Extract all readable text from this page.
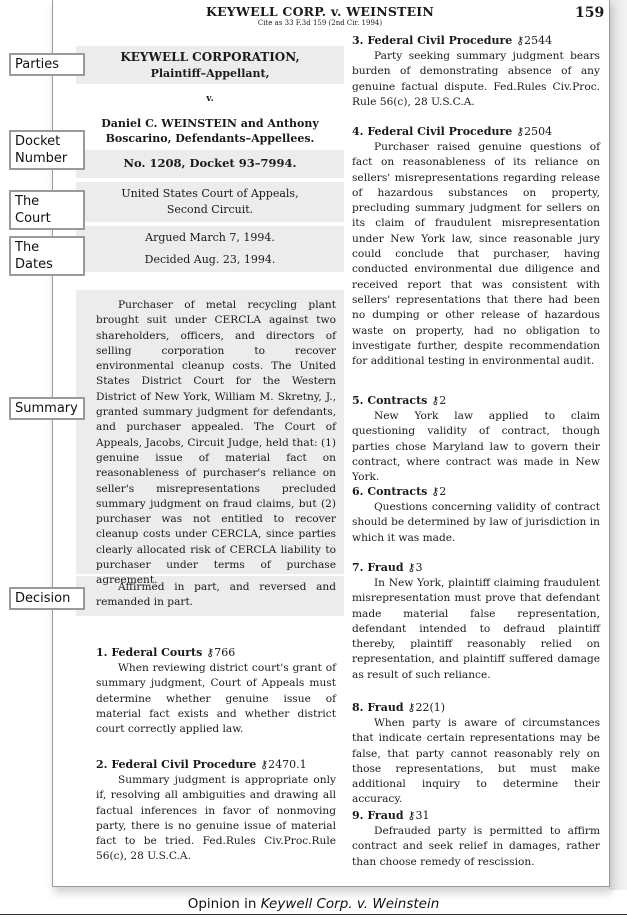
KEYWELL CORP. v. WEINSTEIN
Cite as 33 F.3d 159 (2nd Cir. 1994)
159
KEYWELL CORPORATION,
Plaintiff–Appellant,
v.
Daniel C. WEINSTEIN and Anthony
Boscarino, Defendants–Appellees.
No. 1208, Docket 93–7994.
United States Court of Appeals,
Second Circuit.
Argued March 7, 1994.
Decided Aug. 23, 1994.
Purchaser of metal recycling plant brought suit under CERCLA against two shareholders, officers, and directors of selling corporation to recover environmental cleanup costs. The United States District Court for the Western District of New York, William M. Skretny, J., granted summary judgment for defendants, and purchaser appealed. The Court of Appeals, Jacobs, Circuit Judge, held that: (1) genuine issue of material fact on reasonableness of purchaser's reliance on seller's misrepresentations precluded summary judgment on fraud claims, but (2) purchaser was not entitled to recover cleanup costs under CERCLA, since parties clearly allocated risk of CERCLA liability to purchaser under terms of purchase agreement.
Affirmed in part, and reversed and remanded in part.
Parties
Docket Number
The Court
The Dates
Summary
Decision
1. Federal Courts ⚷766
When reviewing district court's grant of summary judgment, Court of Appeals must determine whether genuine issue of material fact exists and whether district court correctly applied law.
2. Federal Civil Procedure ⚷2470.1
Summary judgment is appropriate only if, resolving all ambiguities and drawing all factual inferences in favor of nonmoving party, there is no genuine issue of material fact to be tried. Fed.Rules Civ.Proc.Rule 56(c), 28 U.S.C.A.
3. Federal Civil Procedure ⚷2544
Party seeking summary judgment bears burden of demonstrating absence of any genuine factual dispute. Fed.Rules Civ.Proc. Rule 56(c), 28 U.S.C.A.
4. Federal Civil Procedure ⚷2504
Purchaser raised genuine questions of fact on reasonableness of its reliance on sellers' misrepresentations regarding release of hazardous substances on property, precluding summary judgment for sellers on its claim of fraudulent misrepresentation under New York law, since reasonable jury could conclude that purchaser, having conducted environmental due diligence and received report that was consistent with sellers' representations that there had been no dumping or other release of hazardous waste on property, had no obligation to investigate further, despite recommendation for additional testing in environmental audit.
5. Contracts ⚷2
New York law applied to claim questioning validity of contract, though parties chose Maryland law to govern their contract, where contract was made in New York.
6. Contracts ⚷2
Questions concerning validity of contract should be determined by law of jurisdiction in which it was made.
7. Fraud ⚷3
In New York, plaintiff claiming fraudulent misrepresentation must prove that defendant made material false representation, defendant intended to defraud plaintiff thereby, plaintiff reasonably relied on representation, and plaintiff suffered damage as result of such reliance.
8. Fraud ⚷22(1)
When party is aware of circumstances that indicate certain representations may be false, that party cannot reasonably rely on those representations, but must make additional inquiry to determine their accuracy.
9. Fraud ⚷31
Defrauded party is permitted to affirm contract and seek relief in damages, rather than choose remedy of rescission.
Opinion in Keywell Corp. v. Weinstein
